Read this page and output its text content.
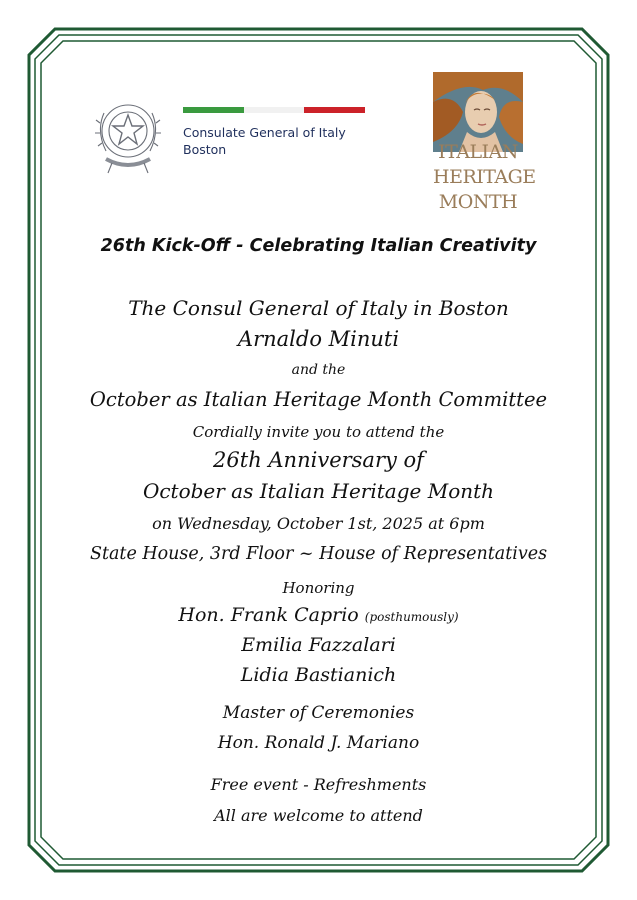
Consulate General of Italy
Boston	ITALIAN
HERITAGE
MONTH
26th Kick-Off - Celebrating Italian Creativity
The Consul General of Italy in Boston
Arnaldo Minuti
and the
October as Italian Heritage Month Committee
Cordially invite you to attend the
26th Anniversary of
October as Italian Heritage Month
on Wednesday, October 1st, 2025 at 6pm
State House, 3rd Floor ~ House of Representatives
Honoring
Hon. Frank Caprio (posthumously)
Emilia Fazzalari
Lidia Bastianich
Master of Ceremonies
Hon. Ronald J. Mariano
Free event - Refreshments
All are welcome to attend
